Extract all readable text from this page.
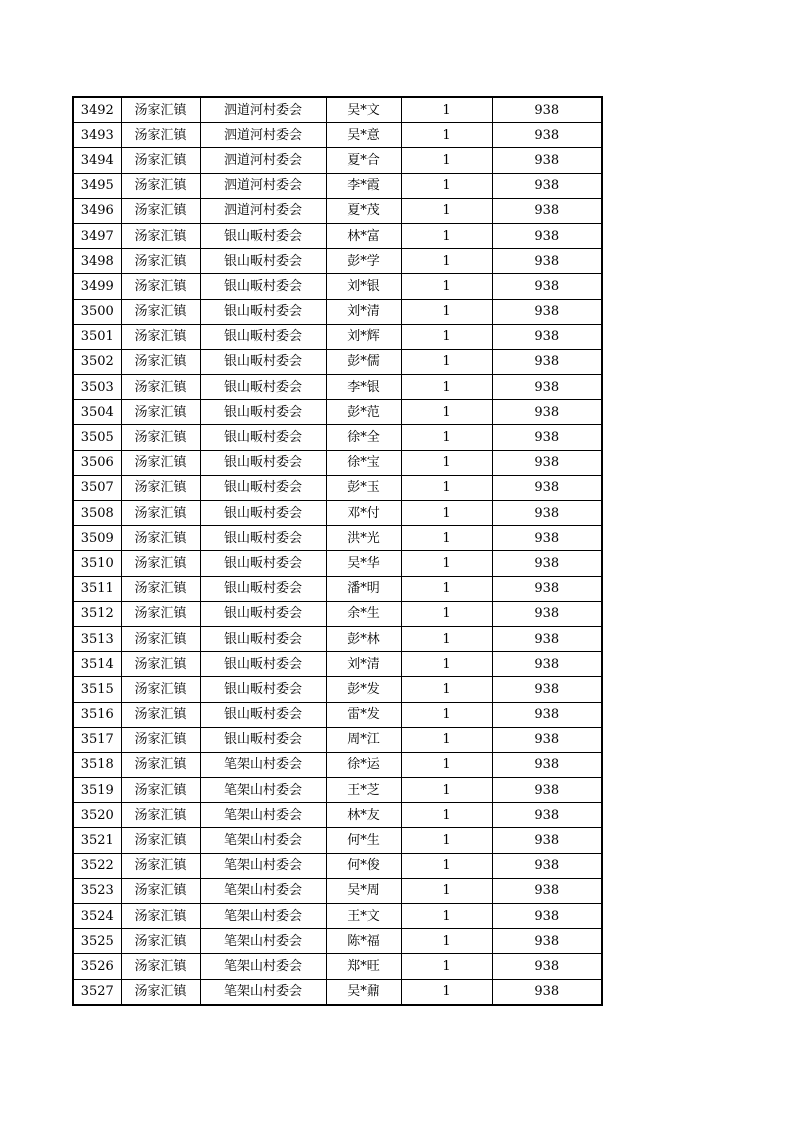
3492	汤家汇镇	泗道河村委会	吴*文	1	938
3493	汤家汇镇	泗道河村委会	吴*意	1	938
3494	汤家汇镇	泗道河村委会	夏*合	1	938
3495	汤家汇镇	泗道河村委会	李*霞	1	938
3496	汤家汇镇	泗道河村委会	夏*茂	1	938
3497	汤家汇镇	银山畈村委会	林*富	1	938
3498	汤家汇镇	银山畈村委会	彭*学	1	938
3499	汤家汇镇	银山畈村委会	刘*银	1	938
3500	汤家汇镇	银山畈村委会	刘*清	1	938
3501	汤家汇镇	银山畈村委会	刘*辉	1	938
3502	汤家汇镇	银山畈村委会	彭*儒	1	938
3503	汤家汇镇	银山畈村委会	李*银	1	938
3504	汤家汇镇	银山畈村委会	彭*范	1	938
3505	汤家汇镇	银山畈村委会	徐*全	1	938
3506	汤家汇镇	银山畈村委会	徐*宝	1	938
3507	汤家汇镇	银山畈村委会	彭*玉	1	938
3508	汤家汇镇	银山畈村委会	邓*付	1	938
3509	汤家汇镇	银山畈村委会	洪*光	1	938
3510	汤家汇镇	银山畈村委会	吴*华	1	938
3511	汤家汇镇	银山畈村委会	潘*明	1	938
3512	汤家汇镇	银山畈村委会	余*生	1	938
3513	汤家汇镇	银山畈村委会	彭*林	1	938
3514	汤家汇镇	银山畈村委会	刘*清	1	938
3515	汤家汇镇	银山畈村委会	彭*发	1	938
3516	汤家汇镇	银山畈村委会	雷*发	1	938
3517	汤家汇镇	银山畈村委会	周*江	1	938
3518	汤家汇镇	笔架山村委会	徐*运	1	938
3519	汤家汇镇	笔架山村委会	王*芝	1	938
3520	汤家汇镇	笔架山村委会	林*友	1	938
3521	汤家汇镇	笔架山村委会	何*生	1	938
3522	汤家汇镇	笔架山村委会	何*俊	1	938
3523	汤家汇镇	笔架山村委会	吴*周	1	938
3524	汤家汇镇	笔架山村委会	王*文	1	938
3525	汤家汇镇	笔架山村委会	陈*福	1	938
3526	汤家汇镇	笔架山村委会	郑*旺	1	938
3527	汤家汇镇	笔架山村委会	吴*鼐	1	938
